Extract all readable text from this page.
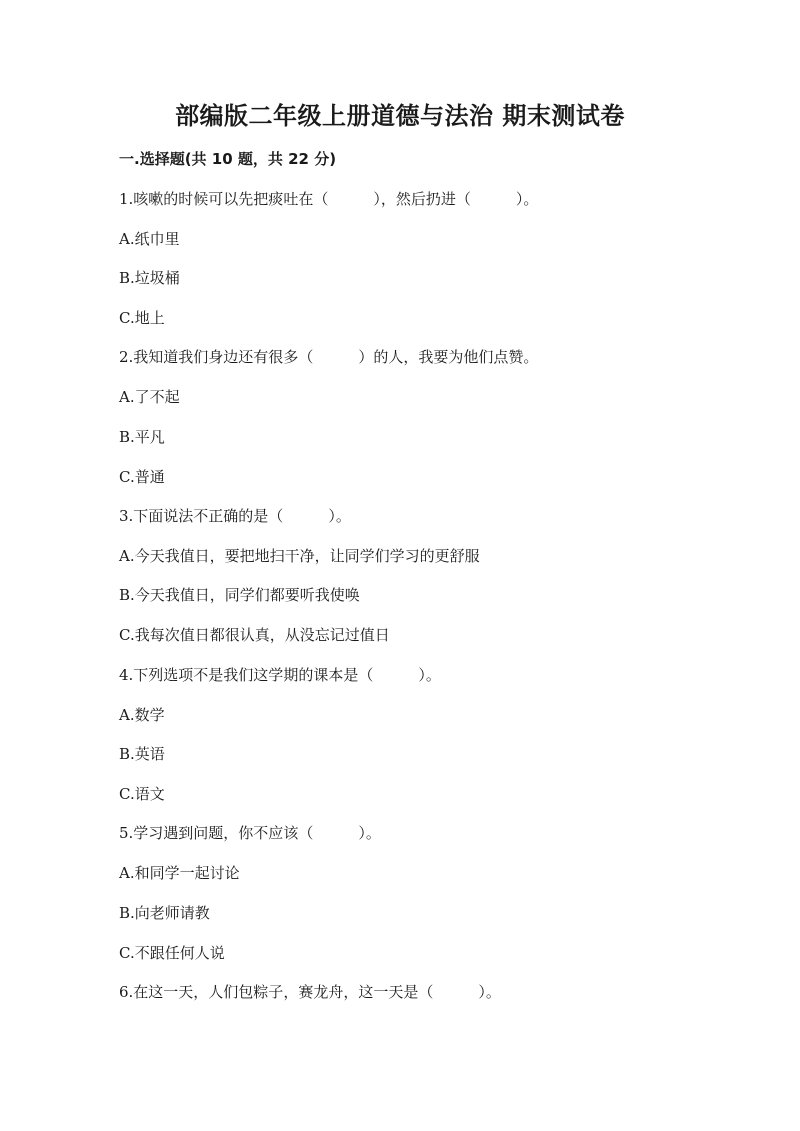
部编版二年级上册道德与法治 期末测试卷
一.选择题(共 10 题，共 22 分)
1.咳嗽的时候可以先把痰吐在（　　　），然后扔进（　　　）。
A.纸巾里
B.垃圾桶
C.地上
2.我知道我们身边还有很多（　　　）的人，我要为他们点赞。
A.了不起
B.平凡
C.普通
3.下面说法不正确的是（　　　）。
A.今天我值日，要把地扫干净，让同学们学习的更舒服
B.今天我值日，同学们都要听我使唤
C.我每次值日都很认真，从没忘记过值日
4.下列选项不是我们这学期的课本是（　　　）。
A.数学
B.英语
C.语文
5.学习遇到问题，你不应该（　　　）。
A.和同学一起讨论
B.向老师请教
C.不跟任何人说
6.在这一天，人们包粽子，赛龙舟，这一天是（　　　）。
